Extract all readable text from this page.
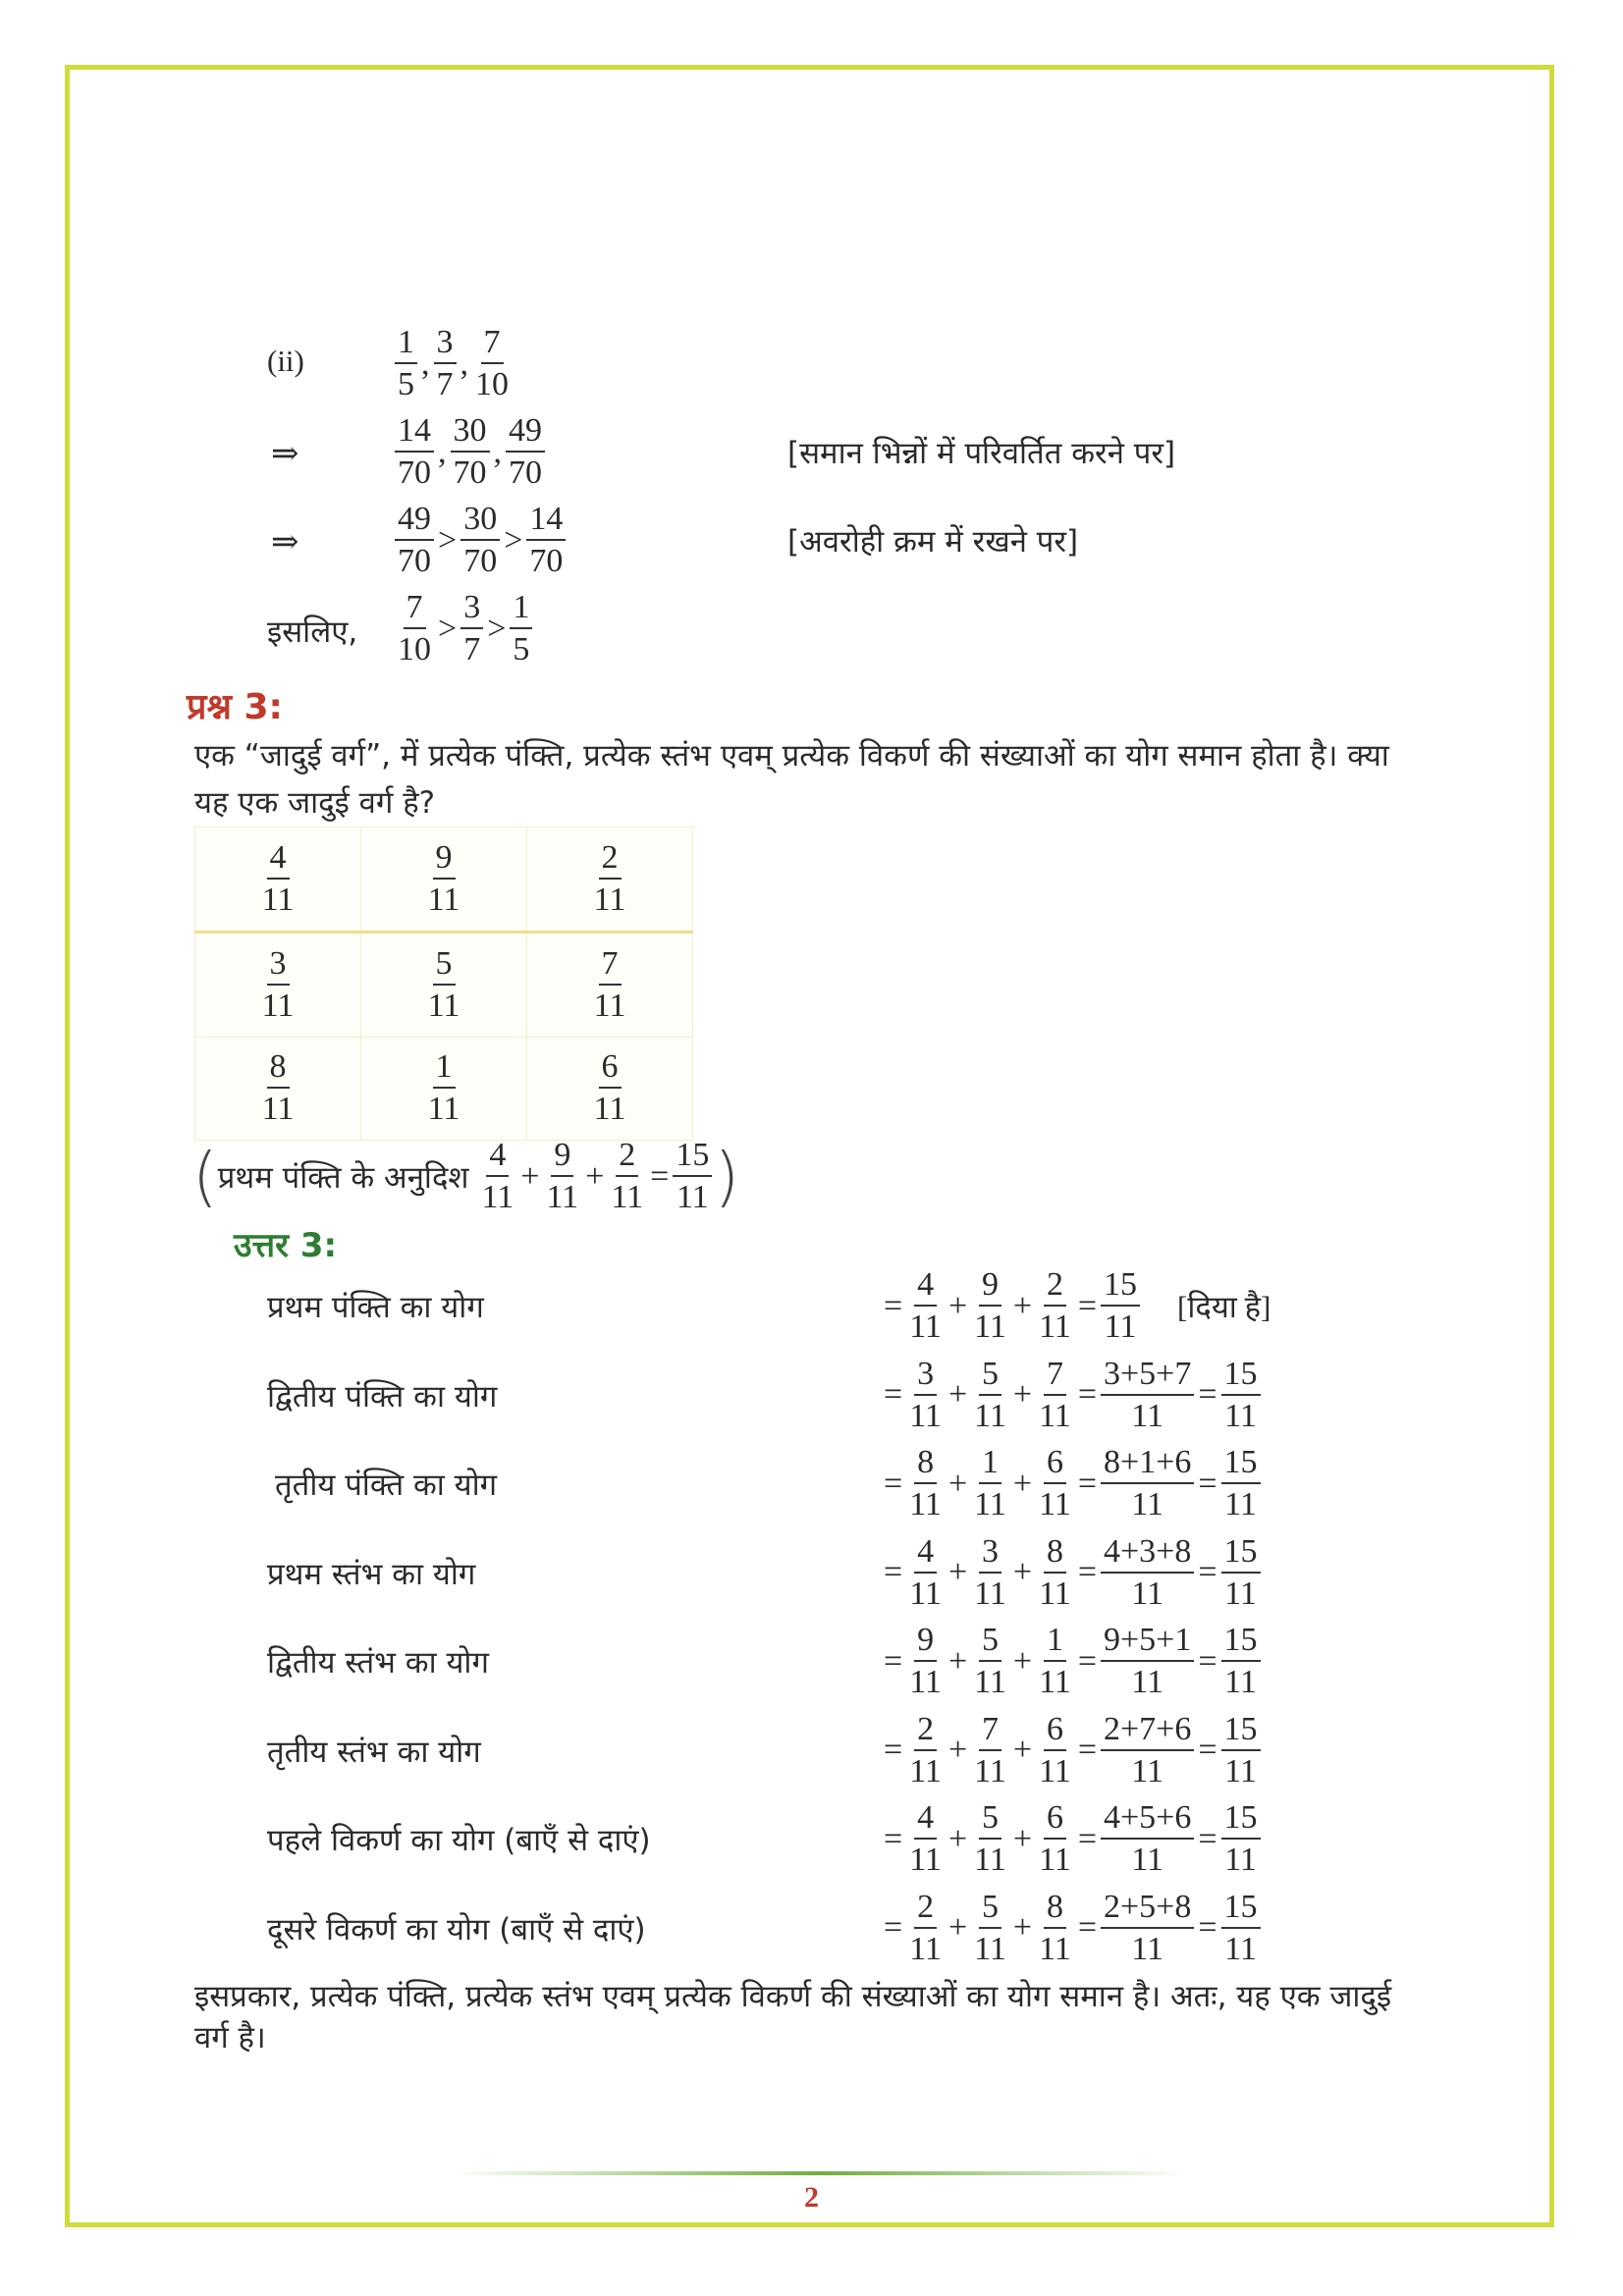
(ii)	$\frac{1}{5}$ , $\frac{3}{7}$ , $\frac{7}{10}$
⇒	$\frac{14}{70}$ , $\frac{30}{70}$ , $\frac{49}{70}$	[समान भिन्नों में परिवर्तित करने पर]
⇒	$\frac{49}{70} > \frac{30}{70} > \frac{14}{70}$	[अवरोही क्रम में रखने पर]
इसलिए, $\frac{7}{10} > \frac{3}{7} > \frac{1}{5}$
प्रश्न 3:
एक “जादुई वर्ग”, में प्रत्येक पंक्ति, प्रत्येक स्तंभ एवम् प्रत्येक विकर्ण की संख्याओं का योग समान होता है। क्या
यह एक जादुई वर्ग है?
$\frac{4}{11}$	$\frac{9}{11}$	$\frac{2}{11}$

$\frac{3}{11}$	$\frac{5}{11}$	$\frac{7}{11}$

$\frac{8}{11}$	$\frac{1}{11}$	$\frac{6}{11}$
( प्रथम पंक्ति के अनुदिश $\frac{4}{11} + \frac{9}{11} + \frac{2}{11} = \frac{15}{11}$ )
उत्तर 3:
प्रथम पंक्ति का योग	= $\frac{4}{11} + \frac{9}{11} + \frac{2}{11} = \frac{15}{11}$ [दिया है]
द्वितीय पंक्ति का योग	= $\frac{3}{11} + \frac{5}{11} + \frac{7}{11} = \frac{3+5+7}{11} = \frac{15}{11}$
तृतीय पंक्ति का योग	= $\frac{8}{11} + \frac{1}{11} + \frac{6}{11} = \frac{8+1+6}{11} = \frac{15}{11}$
प्रथम स्तंभ का योग	= $\frac{4}{11} + \frac{3}{11} + \frac{8}{11} = \frac{4+3+8}{11} = \frac{15}{11}$
द्वितीय स्तंभ का योग	= $\frac{9}{11} + \frac{5}{11} + \frac{1}{11} = \frac{9+5+1}{11} = \frac{15}{11}$
तृतीय स्तंभ का योग	= $\frac{2}{11} + \frac{7}{11} + \frac{6}{11} = \frac{2+7+6}{11} = \frac{15}{11}$
पहले विकर्ण का योग (बाएँ से दाएं)	= $\frac{4}{11} + \frac{5}{11} + \frac{6}{11} = \frac{4+5+6}{11} = \frac{15}{11}$
दूसरे विकर्ण का योग (बाएँ से दाएं)	= $\frac{2}{11} + \frac{5}{11} + \frac{8}{11} = \frac{2+5+8}{11} = \frac{15}{11}$
इसप्रकार, प्रत्येक पंक्ति, प्रत्येक स्तंभ एवम् प्रत्येक विकर्ण की संख्याओं का योग समान है। अतः, यह एक जादुई
वर्ग है।
2
